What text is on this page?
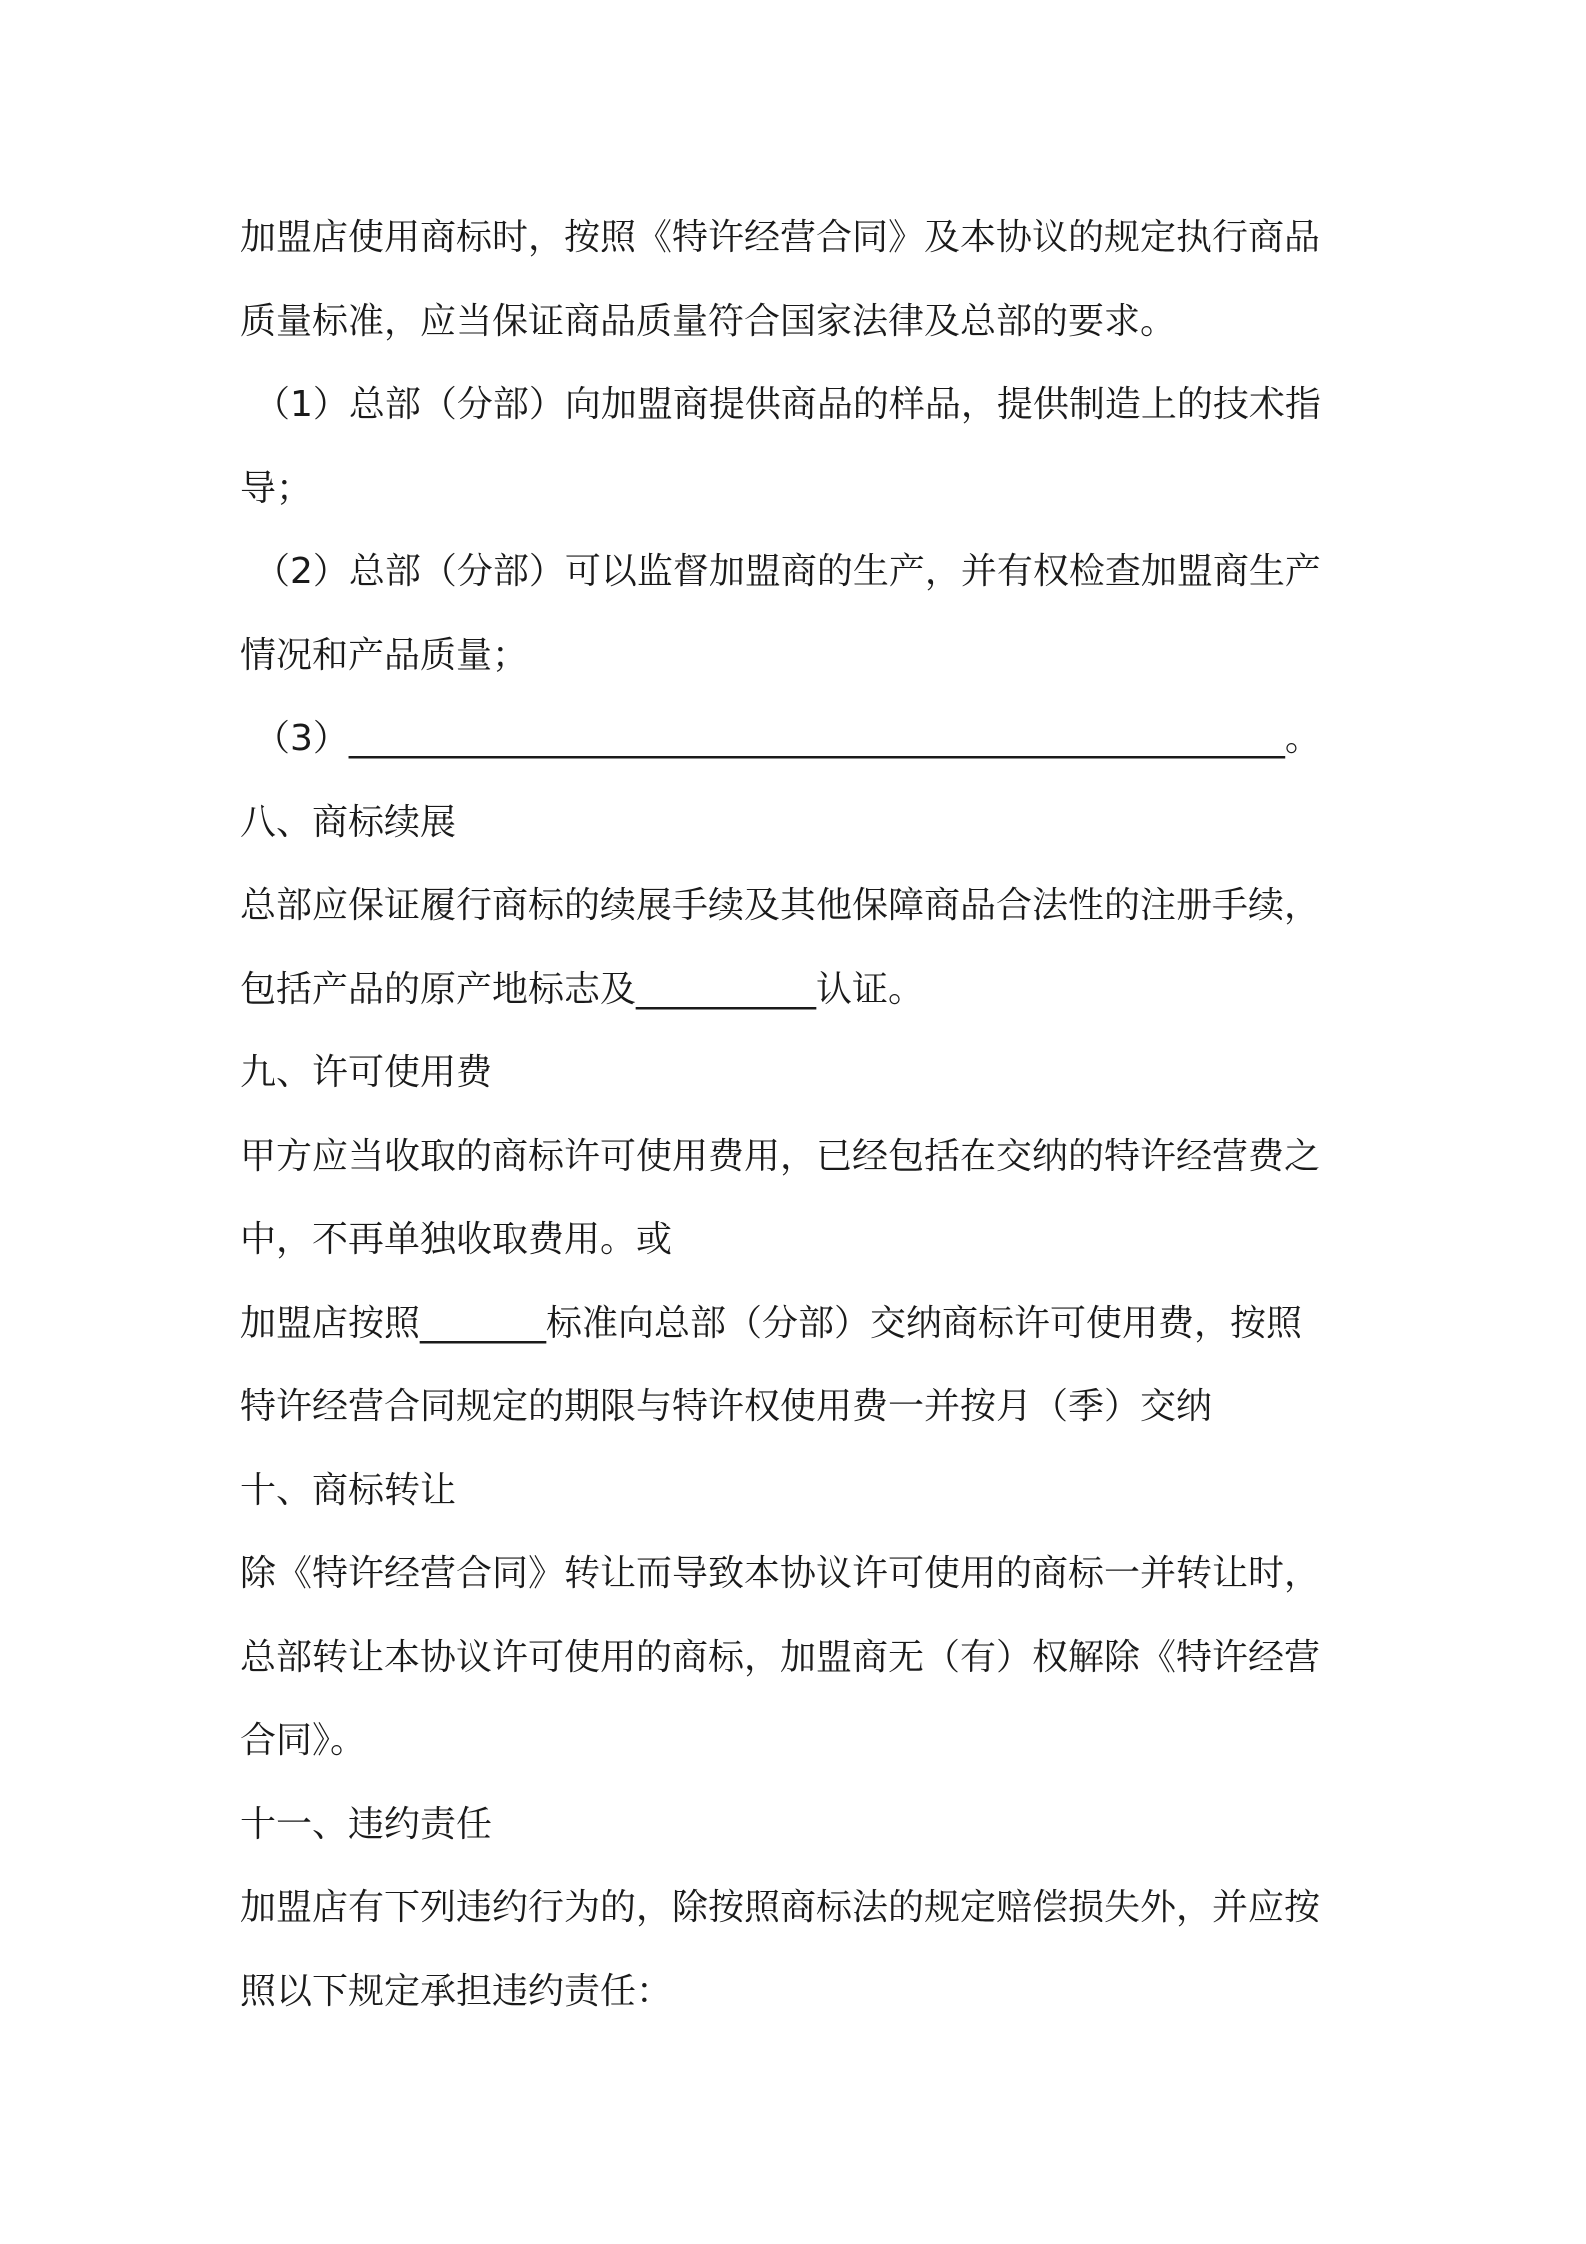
加盟店使用商标时，按照《特许经营合同》及本协议的规定执行商品

质量标准，应当保证商品质量符合国家法律及总部的要求。

（1）总部（分部）向加盟商提供商品的样品，提供制造上的技术指

导；

（2）总部（分部）可以监督加盟商的生产，并有权检查加盟商生产

情况和产品质量；

（3）____________________________________________________。

八、商标续展

总部应保证履行商标的续展手续及其他保障商品合法性的注册手续，

包括产品的原产地标志及__________认证。

九、许可使用费

甲方应当收取的商标许可使用费用，已经包括在交纳的特许经营费之

中，不再单独收取费用。或

加盟店按照_______标准向总部（分部）交纳商标许可使用费，按照

特许经营合同规定的期限与特许权使用费一并按月（季）交纳

十、商标转让

除《特许经营合同》转让而导致本协议许可使用的商标一并转让时，

总部转让本协议许可使用的商标，加盟商无（有）权解除《特许经营

合同》。

十一、违约责任

加盟店有下列违约行为的，除按照商标法的规定赔偿损失外，并应按

照以下规定承担违约责任：
